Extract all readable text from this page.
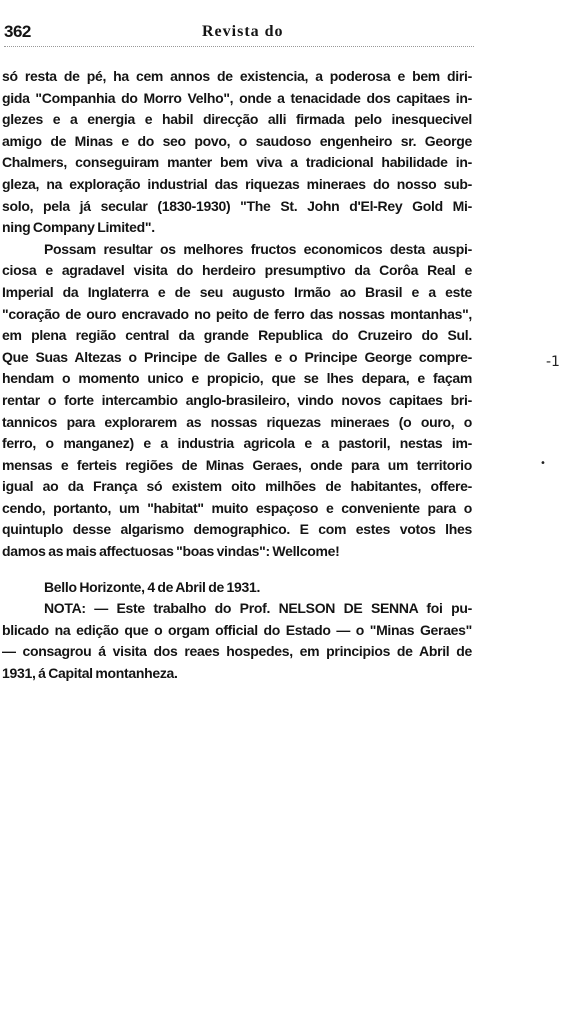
362	Revista do
só resta de pé, ha cem annos de existencia, a poderosa e bem diri-
gida "Companhia do Morro Velho", onde a tenacidade dos capitaes in-
glezes e a energia e habil direcção alli firmada pelo inesquecivel
amigo de Minas e do seo povo, o saudoso engenheiro sr. George
Chalmers, conseguiram manter bem viva a tradicional habilidade in-
gleza, na exploração industrial das riquezas mineraes do nosso sub-
solo, pela já secular (1830-1930) "The St. John d'El-Rey Gold Mi-
ning Company Limited".
Possam resultar os melhores fructos economicos desta auspi-
ciosa e agradavel visita do herdeiro presumptivo da Corôa Real e
Imperial da Inglaterra e de seu augusto Irmão ao Brasil e a este
"coração de ouro encravado no peito de ferro das nossas montanhas",
em plena região central da grande Republica do Cruzeiro do Sul.
Que Suas Altezas o Principe de Galles e o Principe George compre-
hendam o momento unico e propicio, que se lhes depara, e façam
rentar o forte intercambio anglo-brasileiro, vindo novos capitaes bri-
tannicos para explorarem as nossas riquezas mineraes (o ouro, o
ferro, o manganez) e a industria agricola e a pastoril, nestas im-
mensas e ferteis regiões de Minas Geraes, onde para um territorio
igual ao da França só existem oito milhões de habitantes, offere-
cendo, portanto, um "habitat" muito espaçoso e conveniente para o
quintuplo desse algarismo demographico. E com estes votos lhes
damos as mais affectuosas "boas vindas": Wellcome!
Bello Horizonte, 4 de Abril de 1931.
NOTA: — Este trabalho do Prof. NELSON DE SENNA foi pu-
blicado na edição que o orgam official do Estado — o "Minas Geraes"
— consagrou á visita dos reaes hospedes, em principios de Abril de
1931, á Capital montanheza.
-1
•
